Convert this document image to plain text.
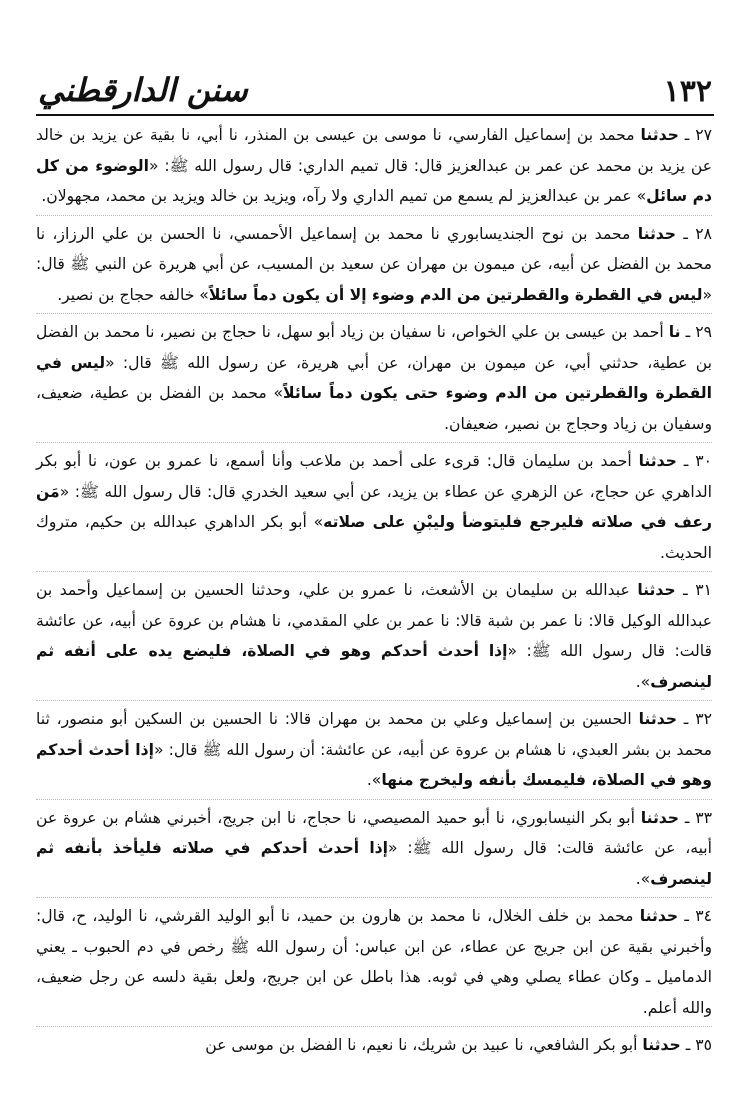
١٣٢
سنن الدارقطني

٢٧ ـ حدثنا محمد بن إسماعيل الفارسي، نا موسى بن عيسى بن المنذر، نا أبي، نا بقية عن يزيد بن خالد عن يزيد بن محمد عن عمر بن عبدالعزيز قال: قال تميم الداري: قال رسول الله ﷺ: «الوضوء من كل دم سائل» عمر بن عبدالعزيز لم يسمع من تميم الداري ولا رآه، ويزيد بن خالد ويزيد بن محمد، مجهولان.

٢٨ ـ حدثنا محمد بن نوح الجنديسابوري نا محمد بن إسماعيل الأحمسي، نا الحسن بن علي الرزاز، نا محمد بن الفضل عن أبيه، عن ميمون بن مهران عن سعيد بن المسيب، عن أبي هريرة عن النبي ﷺ قال: «ليس في القطرة والقطرتين من الدم وضوء إلا أن يكون دماً سائلاً» خالفه حجاج بن نصير.

٢٩ ـ نا أحمد بن عيسى بن علي الخواص، نا سفيان بن زياد أبو سهل، نا حجاج بن نصير، نا محمد بن الفضل بن عطية، حدثني أبي، عن ميمون بن مهران، عن أبي هريرة، عن رسول الله ﷺ قال: «ليس في القطرة والقطرتين من الدم وضوء حتى يكون دماً سائلاً» محمد بن الفضل بن عطية، ضعيف، وسفيان بن زياد وحجاج بن نصير، ضعيفان.

٣٠ ـ حدثنا أحمد بن سليمان قال: قرىء على أحمد بن ملاعب وأنا أسمع، نا عمرو بن عون، نا أبو بكر الداهري عن حجاج، عن الزهري عن عطاء بن يزيد، عن أبي سعيد الخدري قال: قال رسول الله ﷺ: «مَن رعف في صلاته فليرجع فليتوضأ وليبْنِ على صلاته» أبو بكر الداهري عبدالله بن حكيم، متروك الحديث.

٣١ ـ حدثنا عبدالله بن سليمان بن الأشعث، نا عمرو بن علي، وحدثنا الحسين بن إسماعيل وأحمد بن عبدالله الوكيل قالا: نا عمر بن شبة قالا: نا عمر بن علي المقدمي، نا هشام بن عروة عن أبيه، عن عائشة قالت: قال رسول الله ﷺ: «إذا أحدث أحدكم وهو في الصلاة، فليضع يده على أنفه ثم لينصرف».

٣٢ ـ حدثنا الحسين بن إسماعيل وعلي بن محمد بن مهران قالا: نا الحسين بن السكين أبو منصور، ثنا محمد بن بشر العبدي، نا هشام بن عروة عن أبيه، عن عائشة: أن رسول الله ﷺ قال: «إذا أحدث أحدكم وهو في الصلاة، فليمسك بأنفه وليخرج منها».

٣٣ ـ حدثنا أبو بكر النيسابوري، نا أبو حميد المصيصي، نا حجاج، نا ابن جريج، أخبرني هشام بن عروة عن أبيه، عن عائشة قالت: قال رسول الله ﷺ: «إذا أحدث أحدكم في صلاته فليأخذ بأنفه ثم لينصرف».

٣٤ ـ حدثنا محمد بن خلف الخلال، نا محمد بن هارون بن حميد، نا أبو الوليد القرشي، نا الوليد، ح، قال: وأخبرني بقية عن ابن جريج عن عطاء، عن ابن عباس: أن رسول الله ﷺ رخص في دم الحبوب ـ يعني الدماميل ـ وكان عطاء يصلي وهي في ثوبه. هذا باطل عن ابن جريج، ولعل بقية دلسه عن رجل ضعيف، والله أعلم.

٣٥ ـ حدثنا أبو بكر الشافعي، نا عبيد بن شريك، نا نعيم، نا الفضل بن موسى عن
